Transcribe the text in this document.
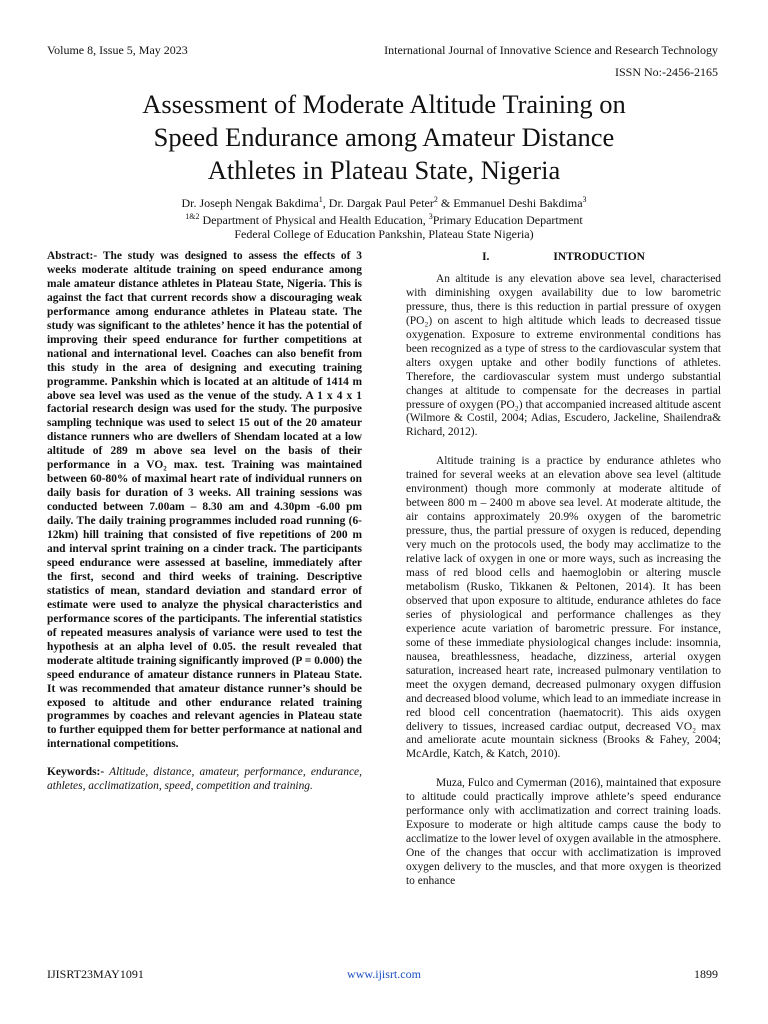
Volume 8, Issue 5, May 2023	International Journal of Innovative Science and Research Technology
ISSN No:-2456-2165
Assessment of Moderate Altitude Training on
Speed Endurance among Amateur Distance
Athletes in Plateau State, Nigeria
Dr. Joseph Nengak Bakdima$^1$, Dr. Dargak Paul Peter$^2$ & Emmanuel Deshi Bakdima$^3$
$^{1\&2}$ Department of Physical and Health Education, $^3$Primary Education Department
Federal College of Education Pankshin, Plateau State Nigeria)

Abstract:- The study was designed to assess the effects of 3 weeks moderate altitude training on speed endurance among male amateur distance athletes in Plateau State, Nigeria. This is against the fact that current records show a discouraging weak performance among endurance athletes in Plateau state. The study was significant to the athletes’ hence it has the potential of improving their speed endurance for further competitions at national and international level. Coaches can also benefit from this study in the area of designing and executing training programme. Pankshin which is located at an altitude of 1414 m above sea level was used as the venue of the study. A 1 x 4 x 1 factorial research design was used for the study. The purposive sampling technique was used to select 15 out of the 20 amateur distance runners who are dwellers of Shendam located at a low altitude of 289 m above sea level on the basis of their performance in a VO₂ max. test. Training was maintained between 60-80% of maximal heart rate of individual runners on daily basis for duration of 3 weeks. All training sessions was conducted between 7.00am – 8.30 am and 4.30pm -6.00 pm daily. The daily training programmes included road running (6-12km) hill training that consisted of five repetitions of 200 m and interval sprint training on a cinder track. The participants speed endurance were assessed at baseline, immediately after the first, second and third weeks of training. Descriptive statistics of mean, standard deviation and standard error of estimate were used to analyze the physical characteristics and performance scores of the participants. The inferential statistics of repeated measures analysis of variance were used to test the hypothesis at an alpha level of 0.05. the result revealed that moderate altitude training significantly improved (P = 0.000) the speed endurance of amateur distance runners in Plateau State. It was recommended that amateur distance runner’s should be exposed to altitude and other endurance related training programmes by coaches and relevant agencies in Plateau state to further equipped them for better performance at national and international competitions.

Keywords:- Altitude, distance, amateur, performance, endurance, athletes, acclimatization, speed, competition and training.

I.	INTRODUCTION

An altitude is any elevation above sea level, characterised with diminishing oxygen availability due to low barometric pressure, thus, there is this reduction in partial pressure of oxygen (PO₂) on ascent to high altitude which leads to decreased tissue oxygenation. Exposure to extreme environmental conditions has been recognized as a type of stress to the cardiovascular system that alters oxygen uptake and other bodily functions of athletes. Therefore, the cardiovascular system must undergo substantial changes at altitude to compensate for the decreases in partial pressure of oxygen (PO₂) that accompanied increased altitude ascent (Wilmore & Costil, 2004; Adias, Escudero, Jackeline, Shailendra& Richard, 2012).

Altitude training is a practice by endurance athletes who trained for several weeks at an elevation above sea level (altitude environment) though more commonly at moderate altitude of between 800 m – 2400 m above sea level. At moderate altitude, the air contains approximately 20.9% oxygen of the barometric pressure, thus, the partial pressure of oxygen is reduced, depending very much on the protocols used, the body may acclimatize to the relative lack of oxygen in one or more ways, such as increasing the mass of red blood cells and haemoglobin or altering muscle metabolism (Rusko, Tikkanen & Peltonen, 2014). It has been observed that upon exposure to altitude, endurance athletes do face series of physiological and performance challenges as they experience acute variation of barometric pressure. For instance, some of these immediate physiological changes include: insomnia, nausea, breathlessness, headache, dizziness, arterial oxygen saturation, increased heart rate, increased pulmonary ventilation to meet the oxygen demand, decreased pulmonary oxygen diffusion and decreased blood volume, which lead to an immediate increase in red blood cell concentration (haematocrit). This aids oxygen delivery to tissues, increased cardiac output, decreased VO₂ max and ameliorate acute mountain sickness (Brooks & Fahey, 2004; McArdle, Katch, & Katch, 2010).

Muza, Fulco and Cymerman (2016), maintained that exposure to altitude could practically improve athlete’s speed endurance performance only with acclimatization and correct training loads. Exposure to moderate or high altitude camps cause the body to acclimatize to the lower level of oxygen available in the atmosphere. One of the changes that occur with acclimatization is improved oxygen delivery to the muscles, and that more oxygen is theorized to enhance

IJISRT23MAY1091	www.ijisrt.com	1899
